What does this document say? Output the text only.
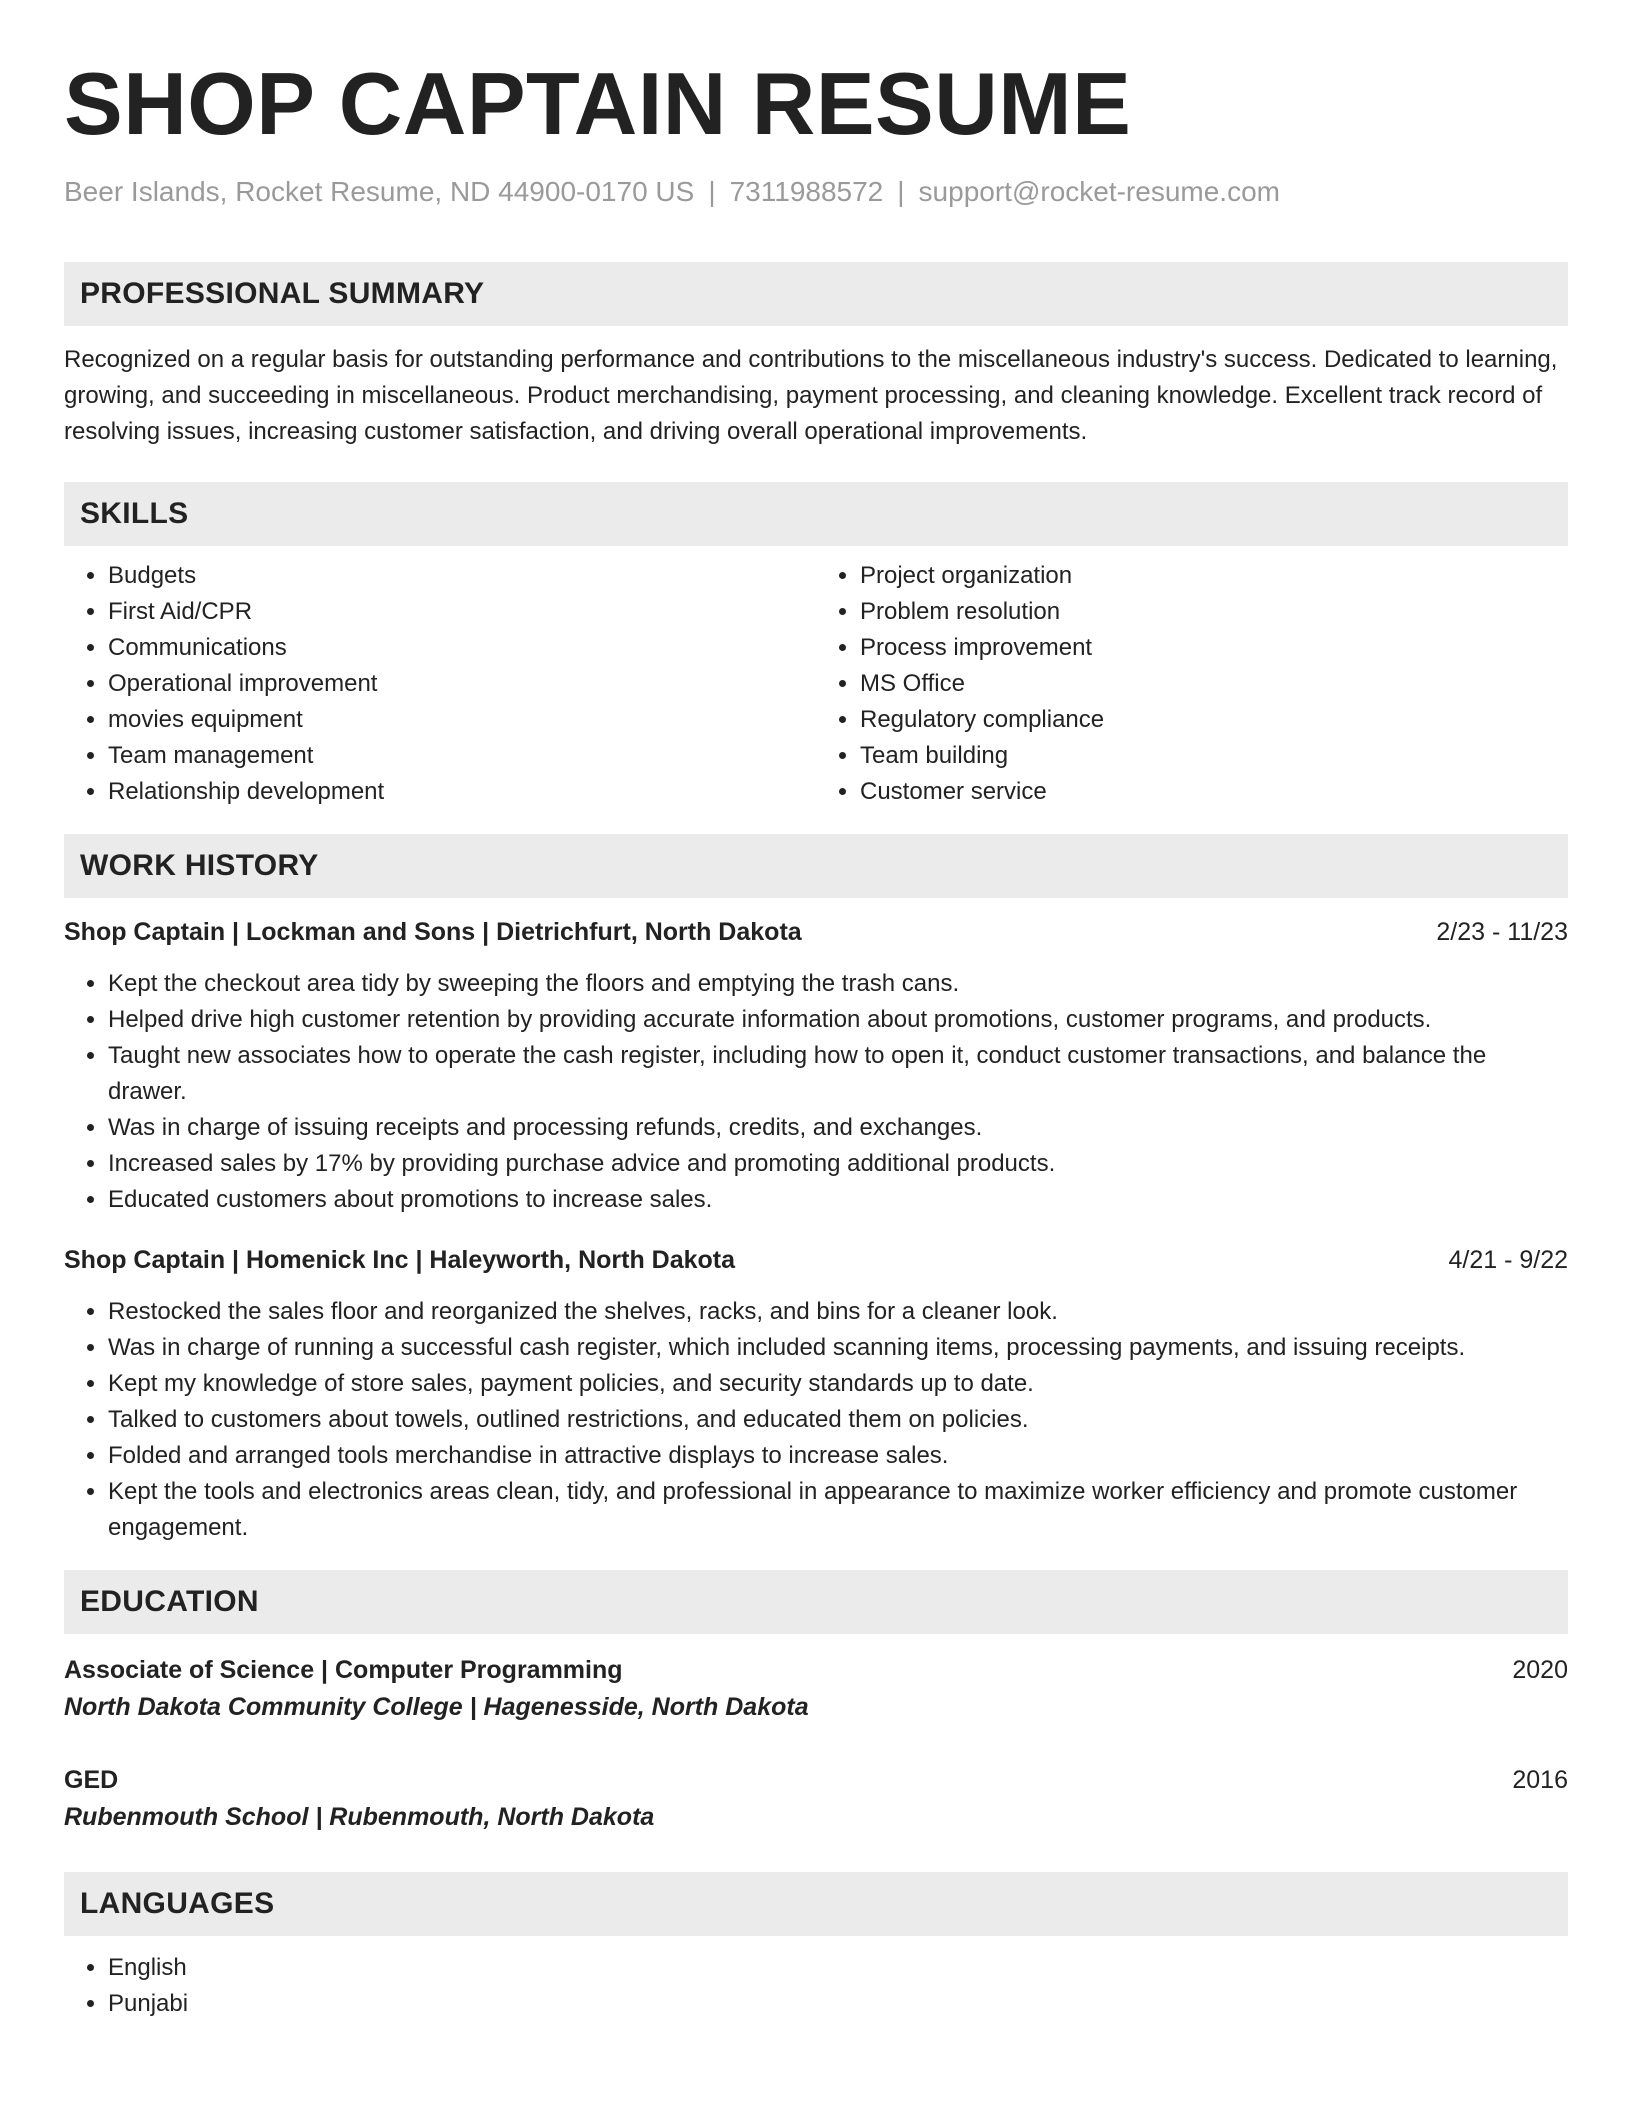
SHOP CAPTAIN RESUME
Beer Islands, Rocket Resume, ND 44900-0170 US | 7311988572 | support@rocket-resume.com
PROFESSIONAL SUMMARY
Recognized on a regular basis for outstanding performance and contributions to the miscellaneous industry's success. Dedicated to learning, growing, and succeeding in miscellaneous. Product merchandising, payment processing, and cleaning knowledge. Excellent track record of resolving issues, increasing customer satisfaction, and driving overall operational improvements.
SKILLS
• Budgets
• First Aid/CPR
• Communications
• Operational improvement
• movies equipment
• Team management
• Relationship development
• Project organization
• Problem resolution
• Process improvement
• MS Office
• Regulatory compliance
• Team building
• Customer service
WORK HISTORY
Shop Captain | Lockman and Sons | Dietrichfurt, North Dakota	2/23 - 11/23
• Kept the checkout area tidy by sweeping the floors and emptying the trash cans.
• Helped drive high customer retention by providing accurate information about promotions, customer programs, and products.
• Taught new associates how to operate the cash register, including how to open it, conduct customer transactions, and balance the drawer.
• Was in charge of issuing receipts and processing refunds, credits, and exchanges.
• Increased sales by 17% by providing purchase advice and promoting additional products.
• Educated customers about promotions to increase sales.
Shop Captain | Homenick Inc | Haleyworth, North Dakota	4/21 - 9/22
• Restocked the sales floor and reorganized the shelves, racks, and bins for a cleaner look.
• Was in charge of running a successful cash register, which included scanning items, processing payments, and issuing receipts.
• Kept my knowledge of store sales, payment policies, and security standards up to date.
• Talked to customers about towels, outlined restrictions, and educated them on policies.
• Folded and arranged tools merchandise in attractive displays to increase sales.
• Kept the tools and electronics areas clean, tidy, and professional in appearance to maximize worker efficiency and promote customer engagement.
EDUCATION
Associate of Science | Computer Programming	2020
North Dakota Community College | Hagenesside, North Dakota
GED	2016
Rubenmouth School | Rubenmouth, North Dakota
LANGUAGES
• English
• Punjabi
